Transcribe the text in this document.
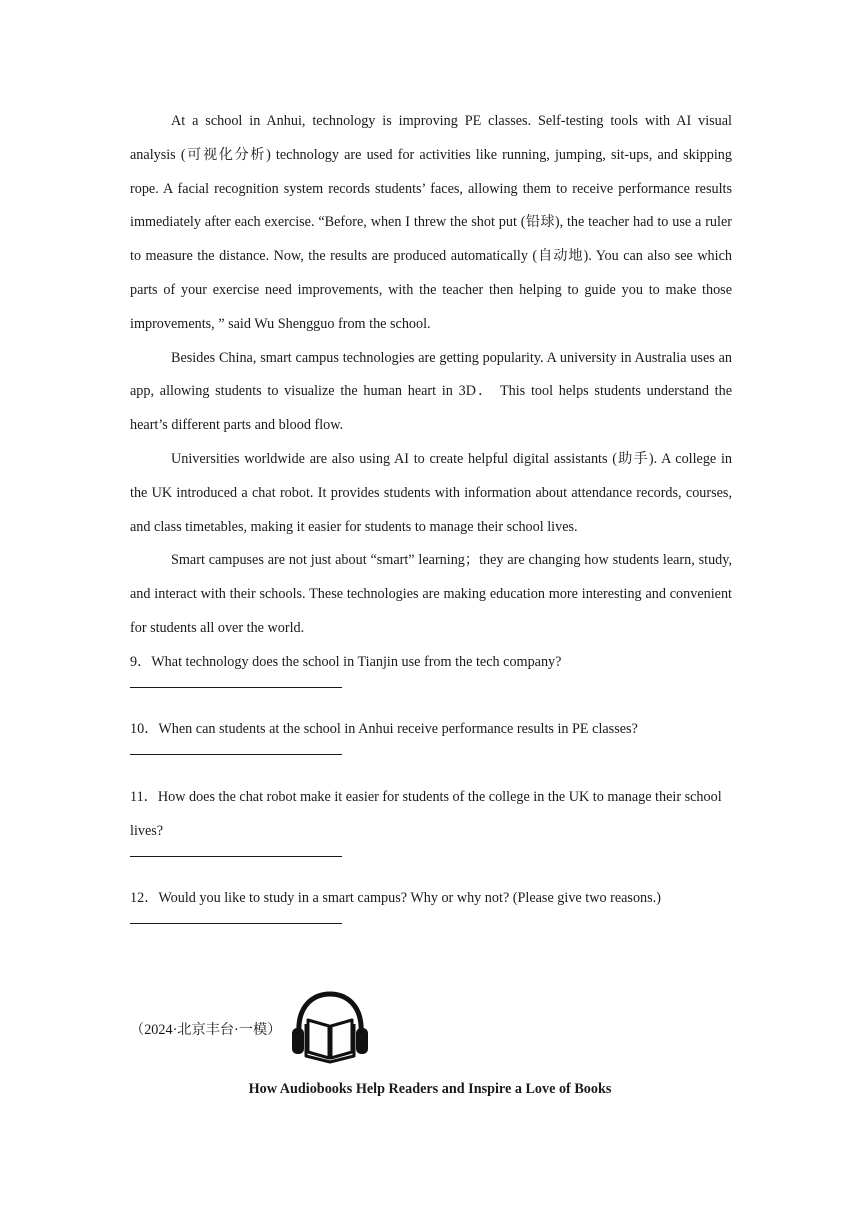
At a school in Anhui, technology is improving PE classes. Self-testing tools with AI visual analysis (可视化分析) technology are used for activities like running, jumping, sit-ups, and skipping rope. A facial recognition system records students’ faces, allowing them to receive performance results immediately after each exercise. “Before, when I threw the shot put (铅球), the teacher had to use a ruler to measure the distance. Now, the results are produced automatically (自动地). You can also see which parts of your exercise need improvements, with the teacher then helping to guide you to make those improvements, ” said Wu Shengguo from the school.

Besides China, smart campus technologies are getting popularity. A university in Australia uses an app, allowing students to visualize the human heart in 3D． This tool helps students understand the heart’s different parts and blood flow.

Universities worldwide are also using AI to create helpful digital assistants (助手). A college in the UK introduced a chat robot. It provides students with information about attendance records, courses, and class timetables, making it easier for students to manage their school lives.

Smart campuses are not just about “smart” learning；they are changing how students learn, study, and interact with their schools. These technologies are making education more interesting and convenient for students all over the world.

9．What technology does the school in Tianjin use from the tech company?

10．When can students at the school in Anhui receive performance results in PE classes?

11．How does the chat robot make it easier for students of the college in the UK to manage their school lives?

12．Would you like to study in a smart campus? Why or why not? (Please give two reasons.)

（2024·北京丰台·一模）
How Audiobooks Help Readers and Inspire a Love of Books
